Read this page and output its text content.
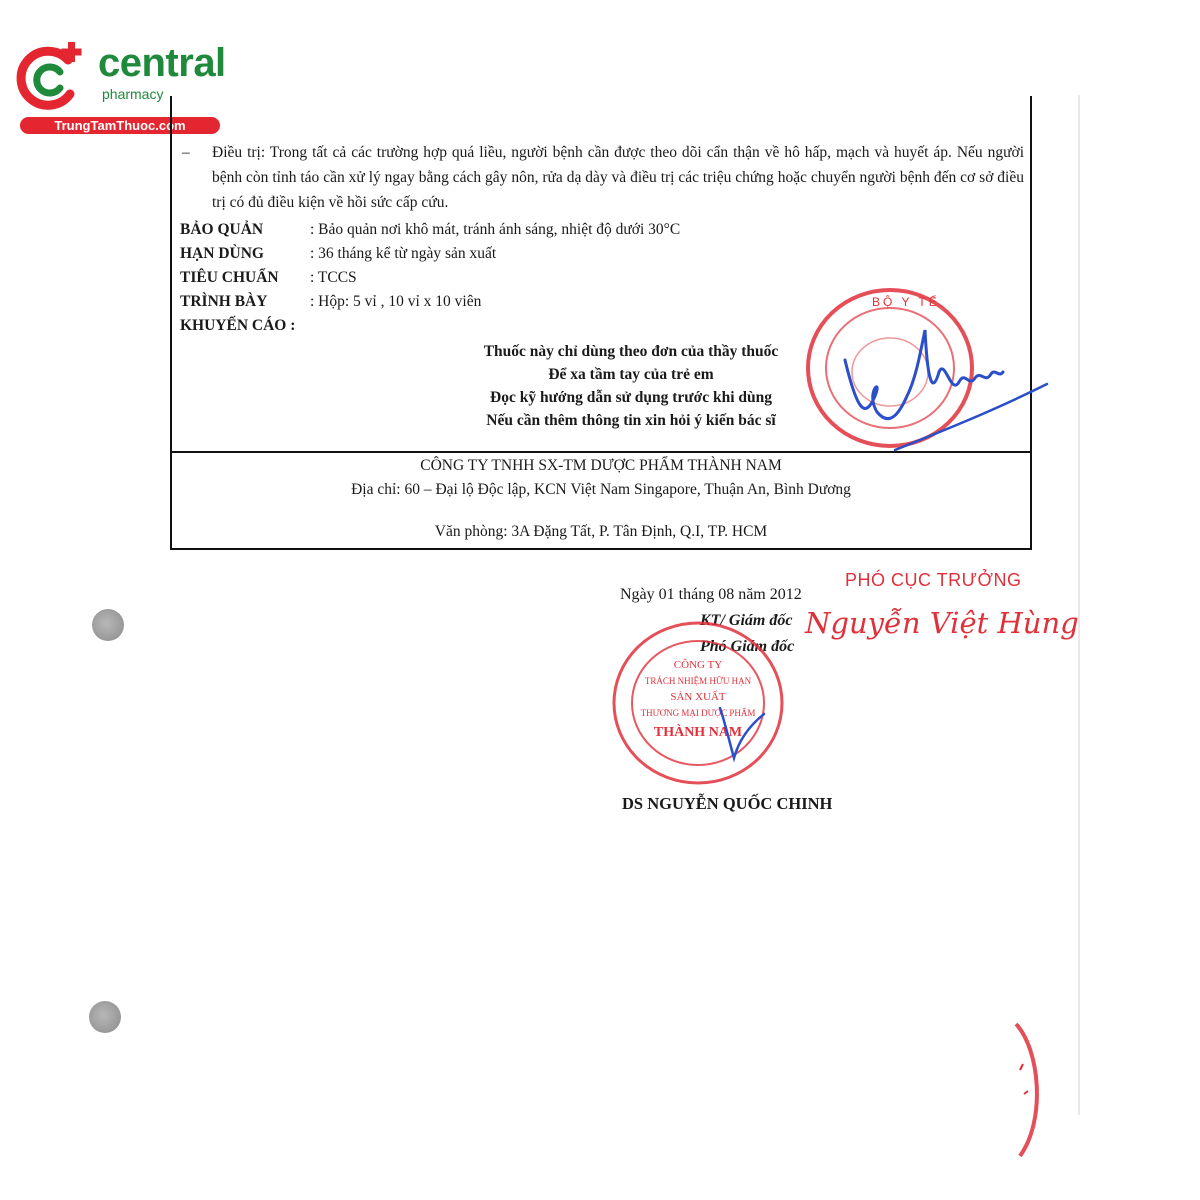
central
pharmacy
TrungTamThuoc.com
– Điều trị: Trong tất cả các trường hợp quá liều, người bệnh cần được theo dõi cẩn thận về hô hấp, mạch và huyết áp. Nếu người bệnh còn tỉnh táo cần xử lý ngay bằng cách gây nôn, rửa dạ dày và điều trị các triệu chứng hoặc chuyển người bệnh đến cơ sở điều trị có đủ điều kiện về hồi sức cấp cứu.
BẢO QUẢN	: Bảo quản nơi khô mát, tránh ánh sáng, nhiệt độ dưới 30°C
HẠN DÙNG	: 36 tháng kể từ ngày sản xuất
TIÊU CHUẨN : TCCS
TRÌNH BÀY	: Hộp: 5 vỉ , 10 vỉ x 10 viên
KHUYẾN CÁO :
Thuốc này chỉ dùng theo đơn của thầy thuốc
Để xa tầm tay của trẻ em
Đọc kỹ hướng dẫn sử dụng trước khi dùng
Nếu cần thêm thông tin xin hỏi ý kiến bác sĩ
CÔNG TY TNHH SX-TM DƯỢC PHẨM THÀNH NAM
Địa chỉ: 60 – Đại lộ Độc lập, KCN Việt Nam Singapore, Thuận An, Bình Dương
Văn phòng: 3A Đặng Tất, P. Tân Định, Q.I, TP. HCM
BỘ Y TẾ
Ngày 01 tháng 08 năm 2012
KT/ Giám đốc
Phó Giám đốc
PHÓ CỤC TRƯỞNG
Nguyễn Việt Hùng
CÔNG TY
TRÁCH NHIỆM HỮU HẠN
SẢN XUẤT
THƯƠNG MẠI DƯỢC PHẨM
THÀNH NAM
DS NGUYỄN QUỐC CHINH
